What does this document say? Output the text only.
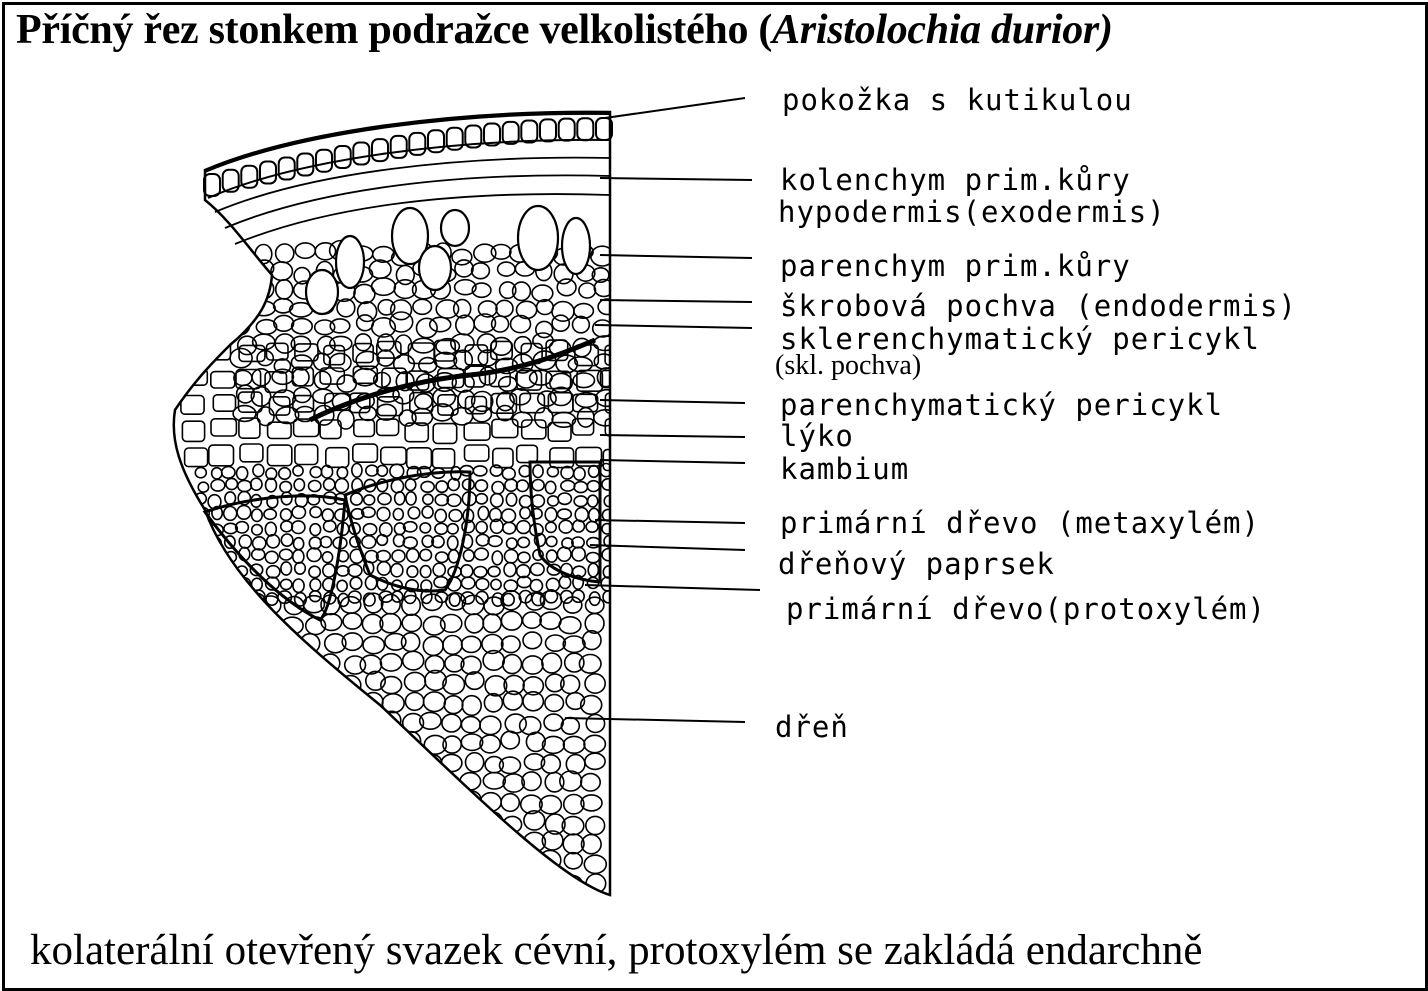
Příčný řez stonkem podražce velkolistého (Aristolochia durior)
pokožka s kutikulou
kolenchym prim.kůry
hypodermis(exodermis)
parenchym prim.kůry
škrobová pochva (endodermis)
sklerenchymatický pericykl
(skl. pochva)
parenchymatický pericykl
lýko
kambium
primární dřevo (metaxylém)
dřeňový paprsek
primární dřevo(protoxylém)
dřeň

kolaterální otevřený svazek cévní, protoxylém se zakládá endarchně
